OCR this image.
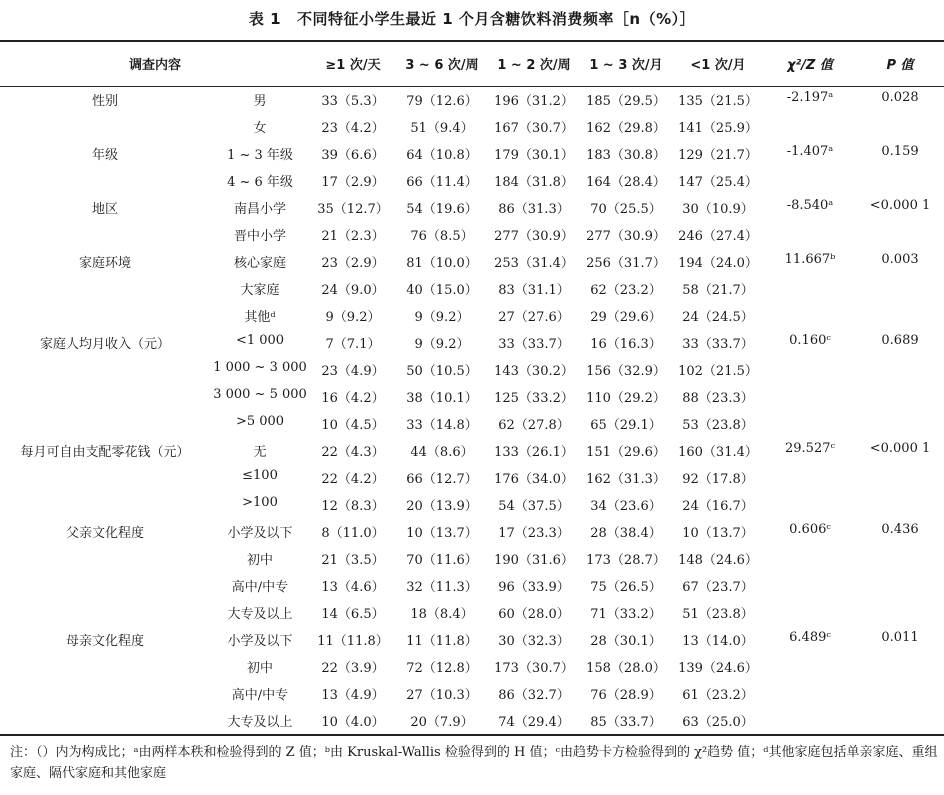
表 1 不同特征小学生最近 1 个月含糖饮料消费频率［n（%）］
调查内容	≥1 次/天	3 ~ 6 次/周	1 ~ 2 次/周	1 ~ 3 次/月	<1 次/月	χ²/Z 值	P 值
性别	男	33（5.3）	79（12.6）	196（31.2） 185（29.5） 135（21.5）	-2.197ᵃ	0.028
女	23（4.2）	51（9.4）	167（30.7） 162（29.8） 141（25.9）
年级	1 ~ 3 年级	39（6.6）	64（10.8）	179（30.1） 183（30.8） 129（21.7）	-1.407ᵃ	0.159
4 ~ 6 年级	17（2.9）	66（11.4）	184（31.8） 164（28.4） 147（25.4）
地区	南昌小学	35（12.7）	54（19.6）	86（31.3）	70（25.5）	30（10.9）	-8.540ᵃ	<0.000 1
晋中小学	21（2.3）	76（8.5）	277（30.9） 277（30.9） 246（27.4）
家庭环境	核心家庭	23（2.9）	81（10.0）	253（31.4） 256（31.7） 194（24.0）	11.667ᵇ	0.003
大家庭	24（9.0）	40（15.0）	83（31.1）	62（23.2）	58（21.7）
其他ᵈ	9（9.2）	9（9.2）	27（27.6）	29（29.6）	24（24.5）
家庭人均月收入（元）	<1 000	7（7.1）	9（9.2）	33（33.7）	16（16.3）	33（33.7）	0.160ᶜ	0.689
1 000 ~ 3 000	23（4.9）	50（10.5）	143（30.2） 156（32.9） 102（21.5）
3 000 ~ 5 000	16（4.2）	38（10.1）	125（33.2） 110（29.2）	88（23.3）
>5 000	10（4.5）	33（14.8）	62（27.8）	65（29.1）	53（23.8）
每月可自由支配零花钱（元）	无	22（4.3）	44（8.6）	133（26.1） 151（29.6） 160（31.4）	29.527ᶜ	<0.000 1
≤100	22（4.2）	66（12.7）	176（34.0） 162（31.3）	92（17.8）
>100	12（8.3）	20（13.9）	54（37.5）	34（23.6）	24（16.7）
父亲文化程度	小学及以下	8（11.0）	10（13.7）	17（23.3）	28（38.4）	10（13.7）	0.606ᶜ	0.436
初中	21（3.5）	70（11.6）	190（31.6） 173（28.7） 148（24.6）
高中/中专	13（4.6）	32（11.3）	96（33.9）	75（26.5）	67（23.7）
大专及以上	14（6.5）	18（8.4）	60（28.0）	71（33.2）	51（23.8）
母亲文化程度	小学及以下	11（11.8）	11（11.8）	30（32.3）	28（30.1）	13（14.0）	6.489ᶜ	0.011
初中	22（3.9）	72（12.8）	173（30.7） 158（28.0） 139（24.6）
高中/中专	13（4.9）	27（10.3）	86（32.7）	76（28.9）	61（23.2）
大专及以上	10（4.0）	20（7.9）	74（29.4）	85（33.7）	63（25.0）
注：（）内为构成比；ᵃ由两样本秩和检验得到的 Z 值；ᵇ由 Kruskal-Wallis 检验得到的 H 值；ᶜ由趋势卡方检验得到的 χ²趋势 值；ᵈ其他家庭包括单亲家庭、重组家庭、隔代家庭和其他家庭
